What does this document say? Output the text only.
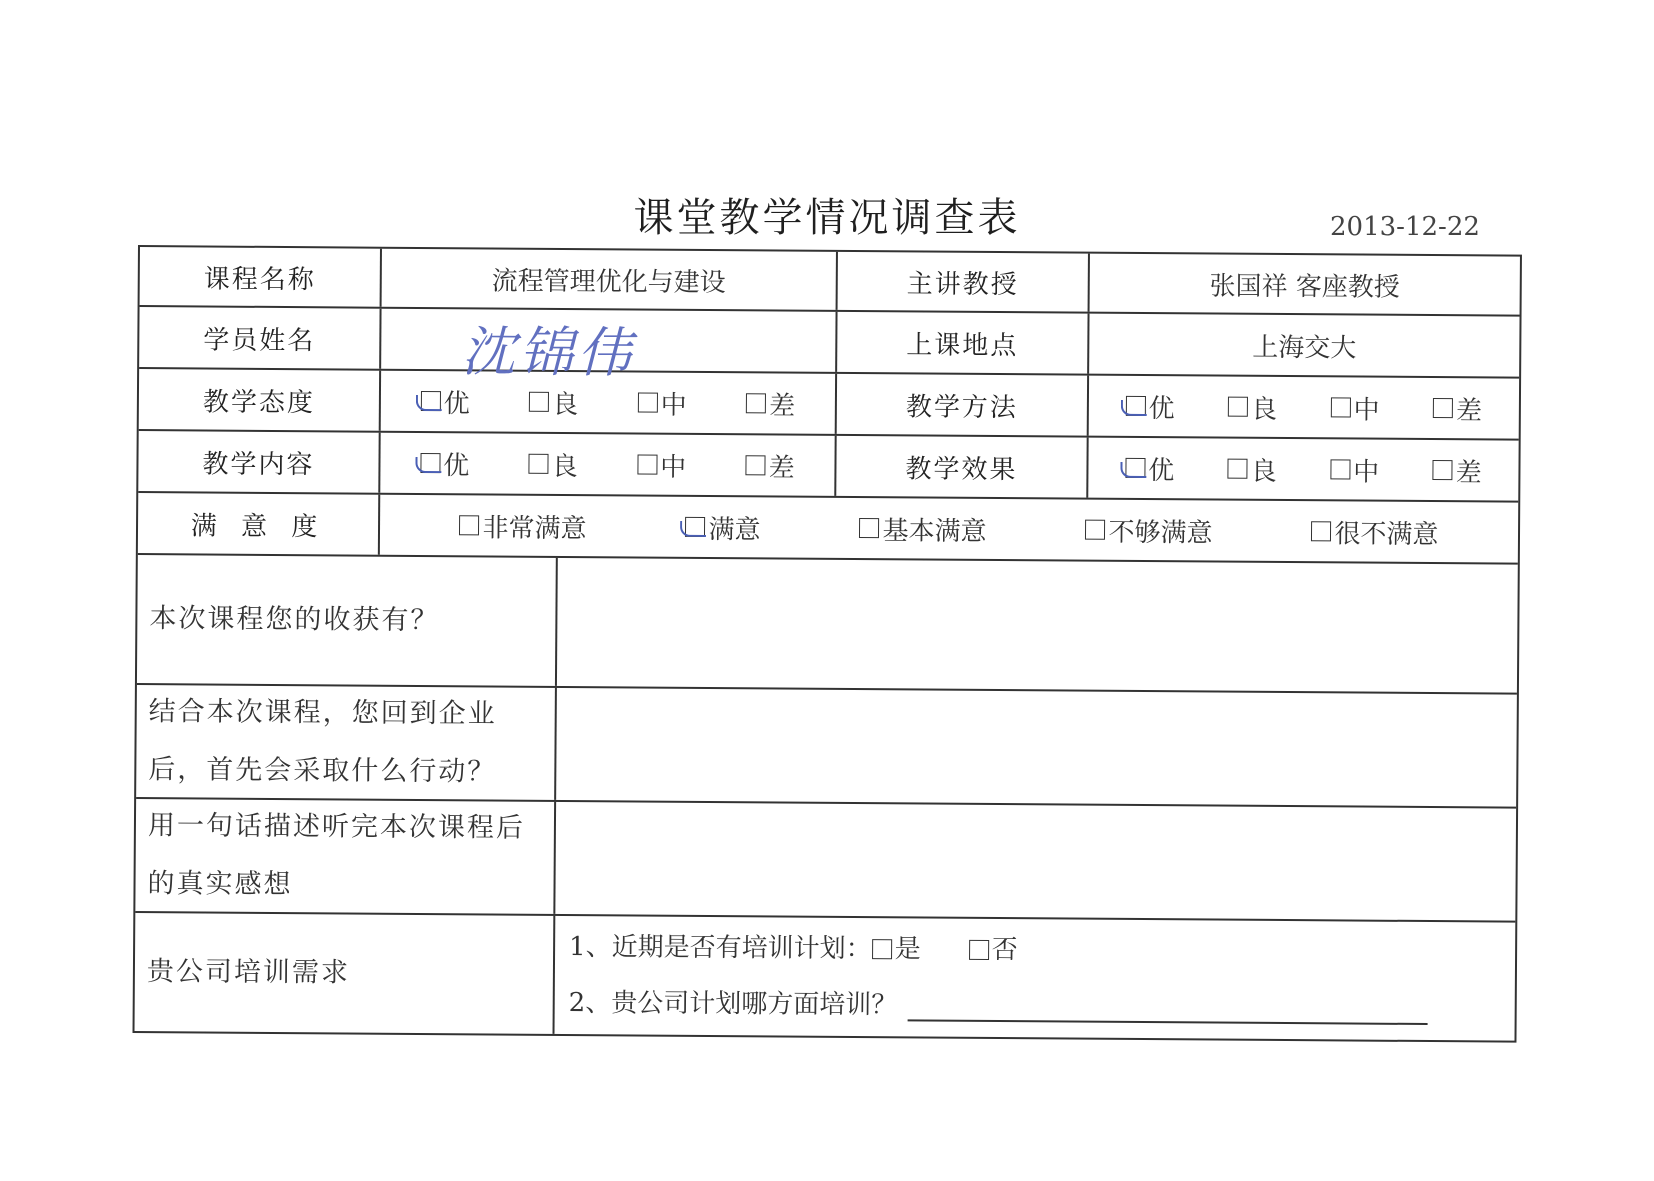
课堂教学情况调查表	2013-12-22
课程名称	流程管理优化与建设	主讲教授	张国祥 客座教授
学员姓名	沈锦伟	上课地点	上海交大
教学态度	优	良	中	差	教学方法	优	良	中	差
教学内容	优	良	中	差	教学效果	优	良	中	差
满 意 度	非常满意	满意	基本满意	不够满意	很不满意
本次课程您的收获有？
结合本次课程，您回到企业后，首先会采取什么行动？
用一句话描述听完本次课程后的真实感想
贵公司培训需求
1、近期是否有培训计划： 是	否
2、贵公司计划哪方面培训？
